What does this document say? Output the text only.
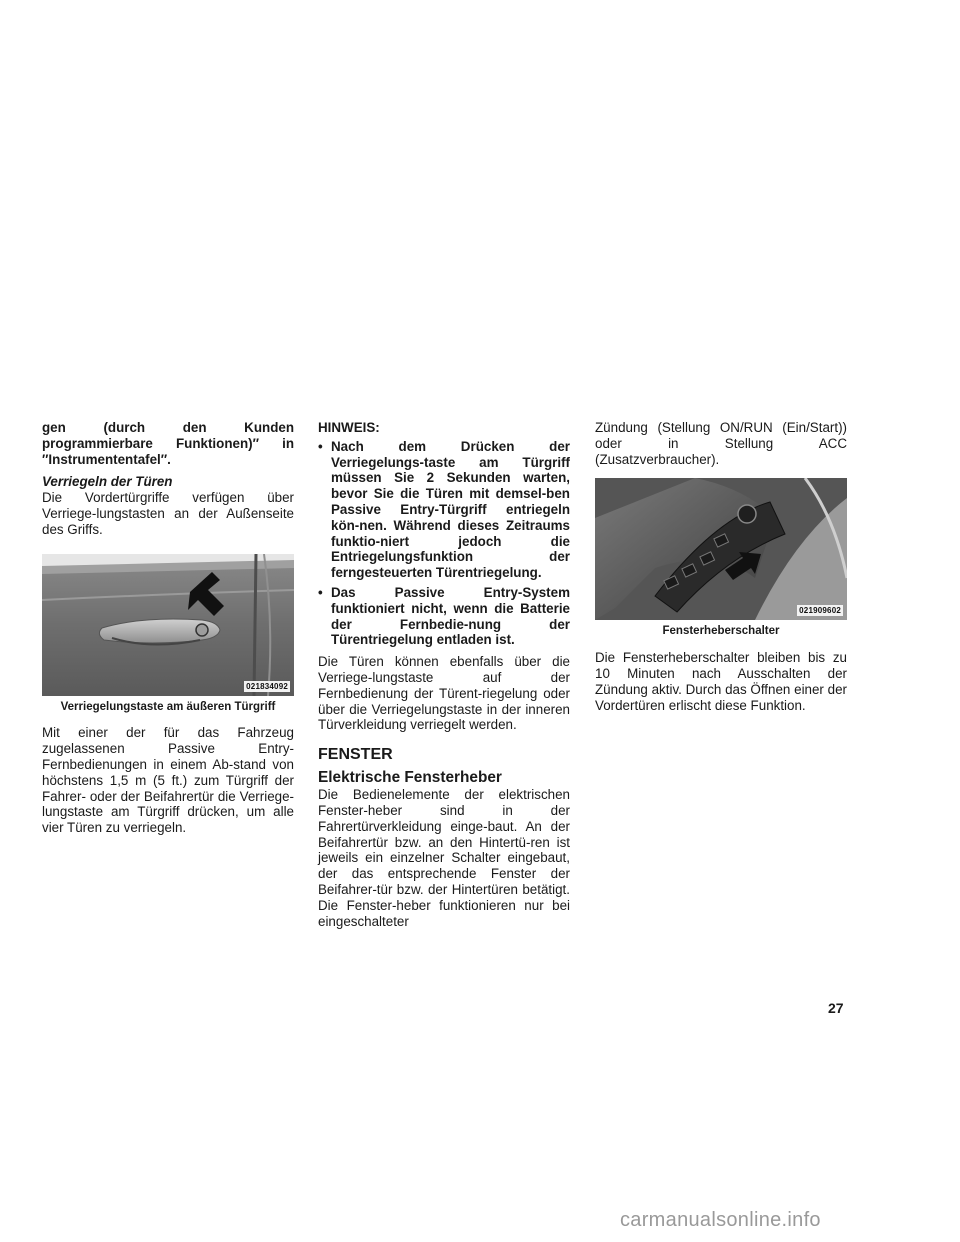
gen (durch den Kunden programmierbare Funktionen)″ in ″Instrumententafel″.

Verriegeln der Türen

Die Vordertürgriffe verfügen über Verriege-lungstasten an der Außenseite des Griffs.

021834092

Verriegelungstaste am äußeren Türgriff

Mit einer der für das Fahrzeug zugelassenen Passive Entry-Fernbedienungen in einem Ab-stand von höchstens 1,5 m (5 ft.) zum Türgriff der Fahrer- oder der Beifahrertür die Verriege-lungstaste am Türgriff drücken, um alle vier Türen zu verriegeln.

HINWEIS:

• Nach dem Drücken der Verriegelungs-taste am Türgriff müssen Sie 2 Sekunden warten, bevor Sie die Türen mit demsel-ben Passive Entry-Türgriff entriegeln kön-nen. Während dieses Zeitraums funktio-niert jedoch die Entriegelungsfunktion der ferngesteuerten Türentriegelung.
• Das Passive Entry-System funktioniert nicht, wenn die Batterie der Fernbedie-nung der Türentriegelung entladen ist.

Die Türen können ebenfalls über die Verriege-lungstaste auf der Fernbedienung der Türent-riegelung oder über die Verriegelungstaste in der inneren Türverkleidung verriegelt werden.

FENSTER

Elektrische Fensterheber

Die Bedienelemente der elektrischen Fenster-heber sind in der Fahrertürverkleidung einge-baut. An der Beifahrertür bzw. an den Hintertü-ren ist jeweils ein einzelner Schalter eingebaut, der das entsprechende Fenster der Beifahrer-tür bzw. der Hintertüren betätigt. Die Fenster-heber funktionieren nur bei eingeschalteter

Zündung (Stellung ON/RUN (Ein/Start)) oder in Stellung ACC (Zusatzverbraucher).

021909602

Fensterheberschalter

Die Fensterheberschalter bleiben bis zu 10 Minuten nach Ausschalten der Zündung aktiv. Durch das Öffnen einer der Vordertüren erlischt diese Funktion.

27
carmanualsonline.info
